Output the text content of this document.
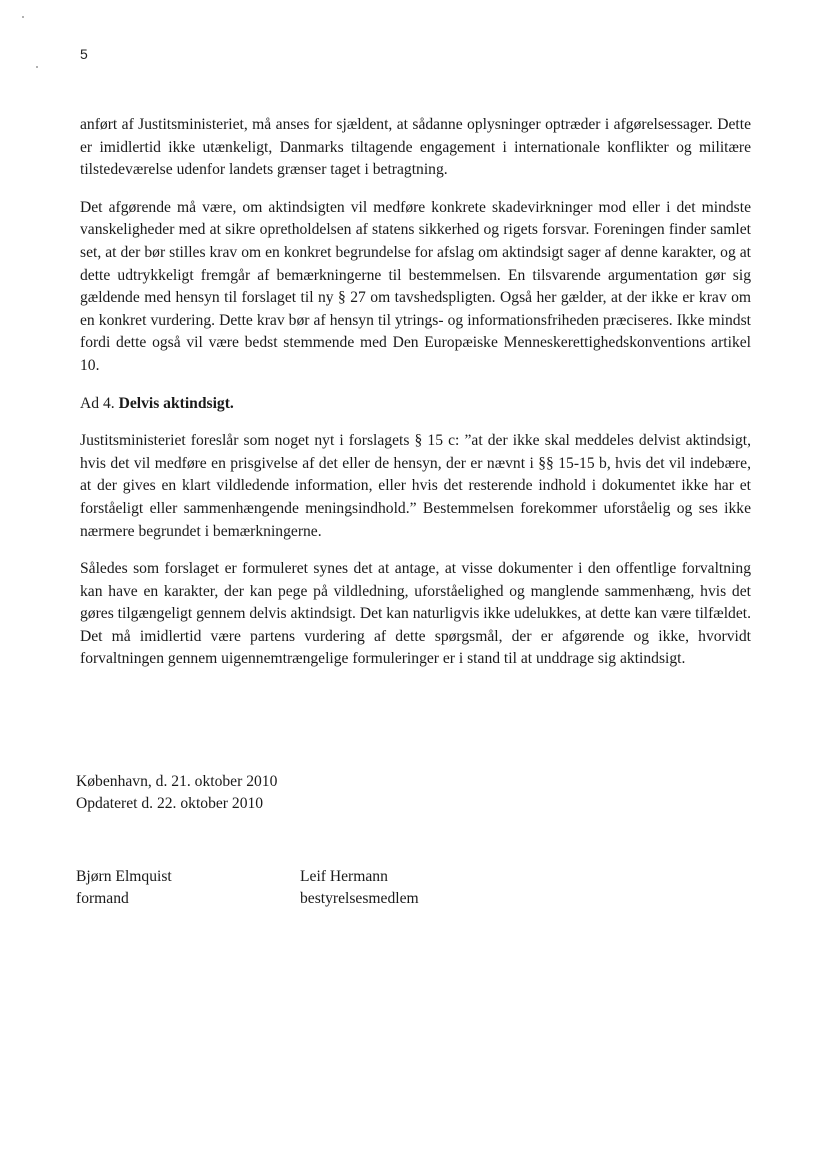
5

anført af Justitsministeriet, må anses for sjældent, at sådanne oplysninger optræder i afgørelsessager. Dette er imidlertid ikke utænkeligt, Danmarks tiltagende engagement i internationale konflikter og militære tilstedeværelse udenfor landets grænser taget i betragtning.

Det afgørende må være, om aktindsigten vil medføre konkrete skadevirkninger mod eller i det mindste vanskeligheder med at sikre opretholdelsen af statens sikkerhed og rigets forsvar. Foreningen finder samlet set, at der bør stilles krav om en konkret begrundelse for afslag om aktindsigt sager af denne karakter, og at dette udtrykkeligt fremgår af bemærkningerne til bestemmelsen. En tilsvarende argumentation gør sig gældende med hensyn til forslaget til ny § 27 om tavshedspligten. Også her gælder, at der ikke er krav om en konkret vurdering. Dette krav bør af hensyn til ytrings- og informationsfriheden præciseres. Ikke mindst fordi dette også vil være bedst stemmende med Den Europæiske Menneskerettighedskonventions artikel 10.

Ad 4. Delvis aktindsigt.

Justitsministeriet foreslår som noget nyt i forslagets § 15 c: ”at der ikke skal meddeles delvist aktindsigt, hvis det vil medføre en prisgivelse af det eller de hensyn, der er nævnt i §§ 15-15 b, hvis det vil indebære, at der gives en klart vildledende information, eller hvis det resterende indhold i dokumentet ikke har et forståeligt eller sammenhængende meningsindhold.” Bestemmelsen forekommer uforståelig og ses ikke nærmere begrundet i bemærkningerne.

Således som forslaget er formuleret synes det at antage, at visse dokumenter i den offentlige forvaltning kan have en karakter, der kan pege på vildledning, uforståelighed og manglende sammenhæng, hvis det gøres tilgængeligt gennem delvis aktindsigt. Det kan naturligvis ikke udelukkes, at dette kan være tilfældet. Det må imidlertid være partens vurdering af dette spørgsmål, der er afgørende og ikke, hvorvidt forvaltningen gennem uigennemtrængelige formuleringer er i stand til at unddrage sig aktindsigt.

København, d. 21. oktober 2010
Opdateret d. 22. oktober 2010
Bjørn Elmquist
formand
Leif Hermann
bestyrelsesmedlem
